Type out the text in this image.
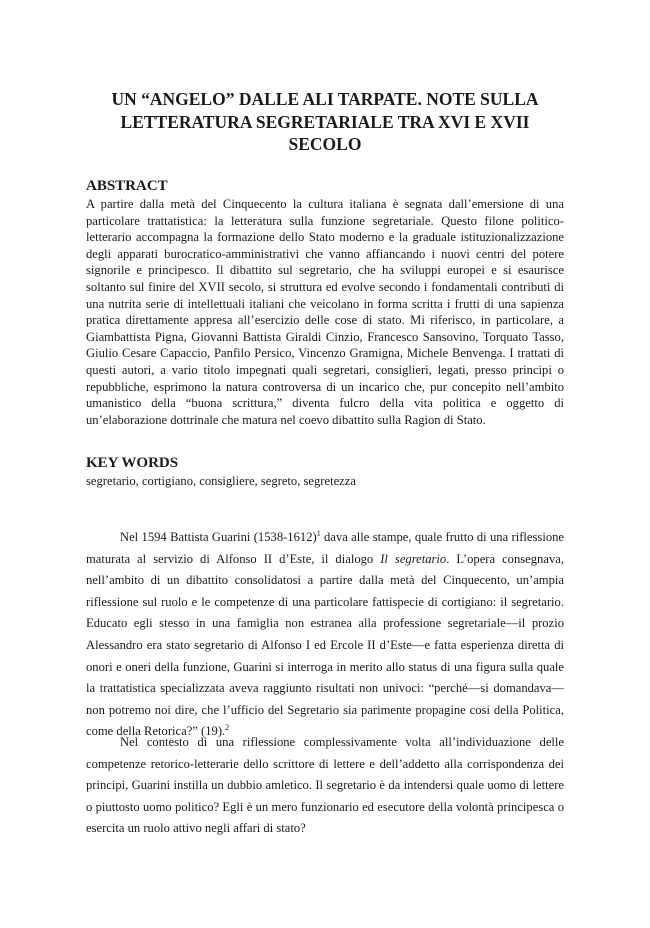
UN “ANGELO” DALLE ALI TARPATE. NOTE SULLA LETTERATURA SEGRETARIALE TRA XVI E XVII SECOLO
ABSTRACT

A partire dalla metà del Cinquecento la cultura italiana è segnata dall’emersione di una particolare trattatistica: la letteratura sulla funzione segretariale. Questo filone politico-letterario accompagna la formazione dello Stato moderno e la graduale istituzionalizzazione degli apparati burocratico-amministrativi che vanno affiancando i nuovi centri del potere signorile e principesco. Il dibattito sul segretario, che ha sviluppi europei e si esaurisce soltanto sul finire del XVII secolo, si struttura ed evolve secondo i fondamentali contributi di una nutrita serie di intellettuali italiani che veicolano in forma scritta i frutti di una sapienza pratica direttamente appresa all’esercizio delle cose di stato. Mi riferisco, in particolare, a Giambattista Pigna, Giovanni Battista Giraldi Cinzio, Francesco Sansovino, Torquato Tasso, Giulio Cesare Capaccio, Panfilo Persico, Vincenzo Gramigna, Michele Benvenga. I trattati di questi autori, a vario titolo impegnati quali segretari, consiglieri, legati, presso principi o repubbliche, esprimono la natura controversa di un incarico che, pur concepito nell’ambito umanistico della “buona scrittura,” diventa fulcro della vita politica e oggetto di un’elaborazione dottrinale che matura nel coevo dibattito sulla Ragion di Stato.

KEY WORDS

segretario, cortigiano, consigliere, segreto, segretezza

Nel 1594 Battista Guarini (1538-1612)$^1$ dava alle stampe, quale frutto di una riflessione maturata al servizio di Alfonso II d’Este, il dialogo Il segretario. L’opera consegnava, nell’ambito di un dibattito consolidatosi a partire dalla metà del Cinquecento, un’ampia riflessione sul ruolo e le competenze di una particolare fattispecie di cortigiano: il segretario. Educato egli stesso in una famiglia non estranea alla professione segretariale—il prozio Alessandro era stato segretario di Alfonso I ed Ercole II d’Este—e fatta esperienza diretta di onori e oneri della funzione, Guarini si interroga in merito allo status di una figura sulla quale la trattatistica specializzata aveva raggiunto risultati non univoci: “perché—si domandava—non potremo noi dire, che l’ufficio del Segretario sia parimente propagine cosi della Politica, come della Retorica?” (19).$^2$

Nel contesto di una riflessione complessivamente volta all’individuazione delle competenze retorico-letterarie dello scrittore di lettere e dell’addetto alla corrispondenza dei principi, Guarini instilla un dubbio amletico. Il segretario è da intendersi quale uomo di lettere o piuttosto uomo politico? Egli è un mero funzionario ed esecutore della volontà principesca o esercita un ruolo attivo negli affari di stato?
